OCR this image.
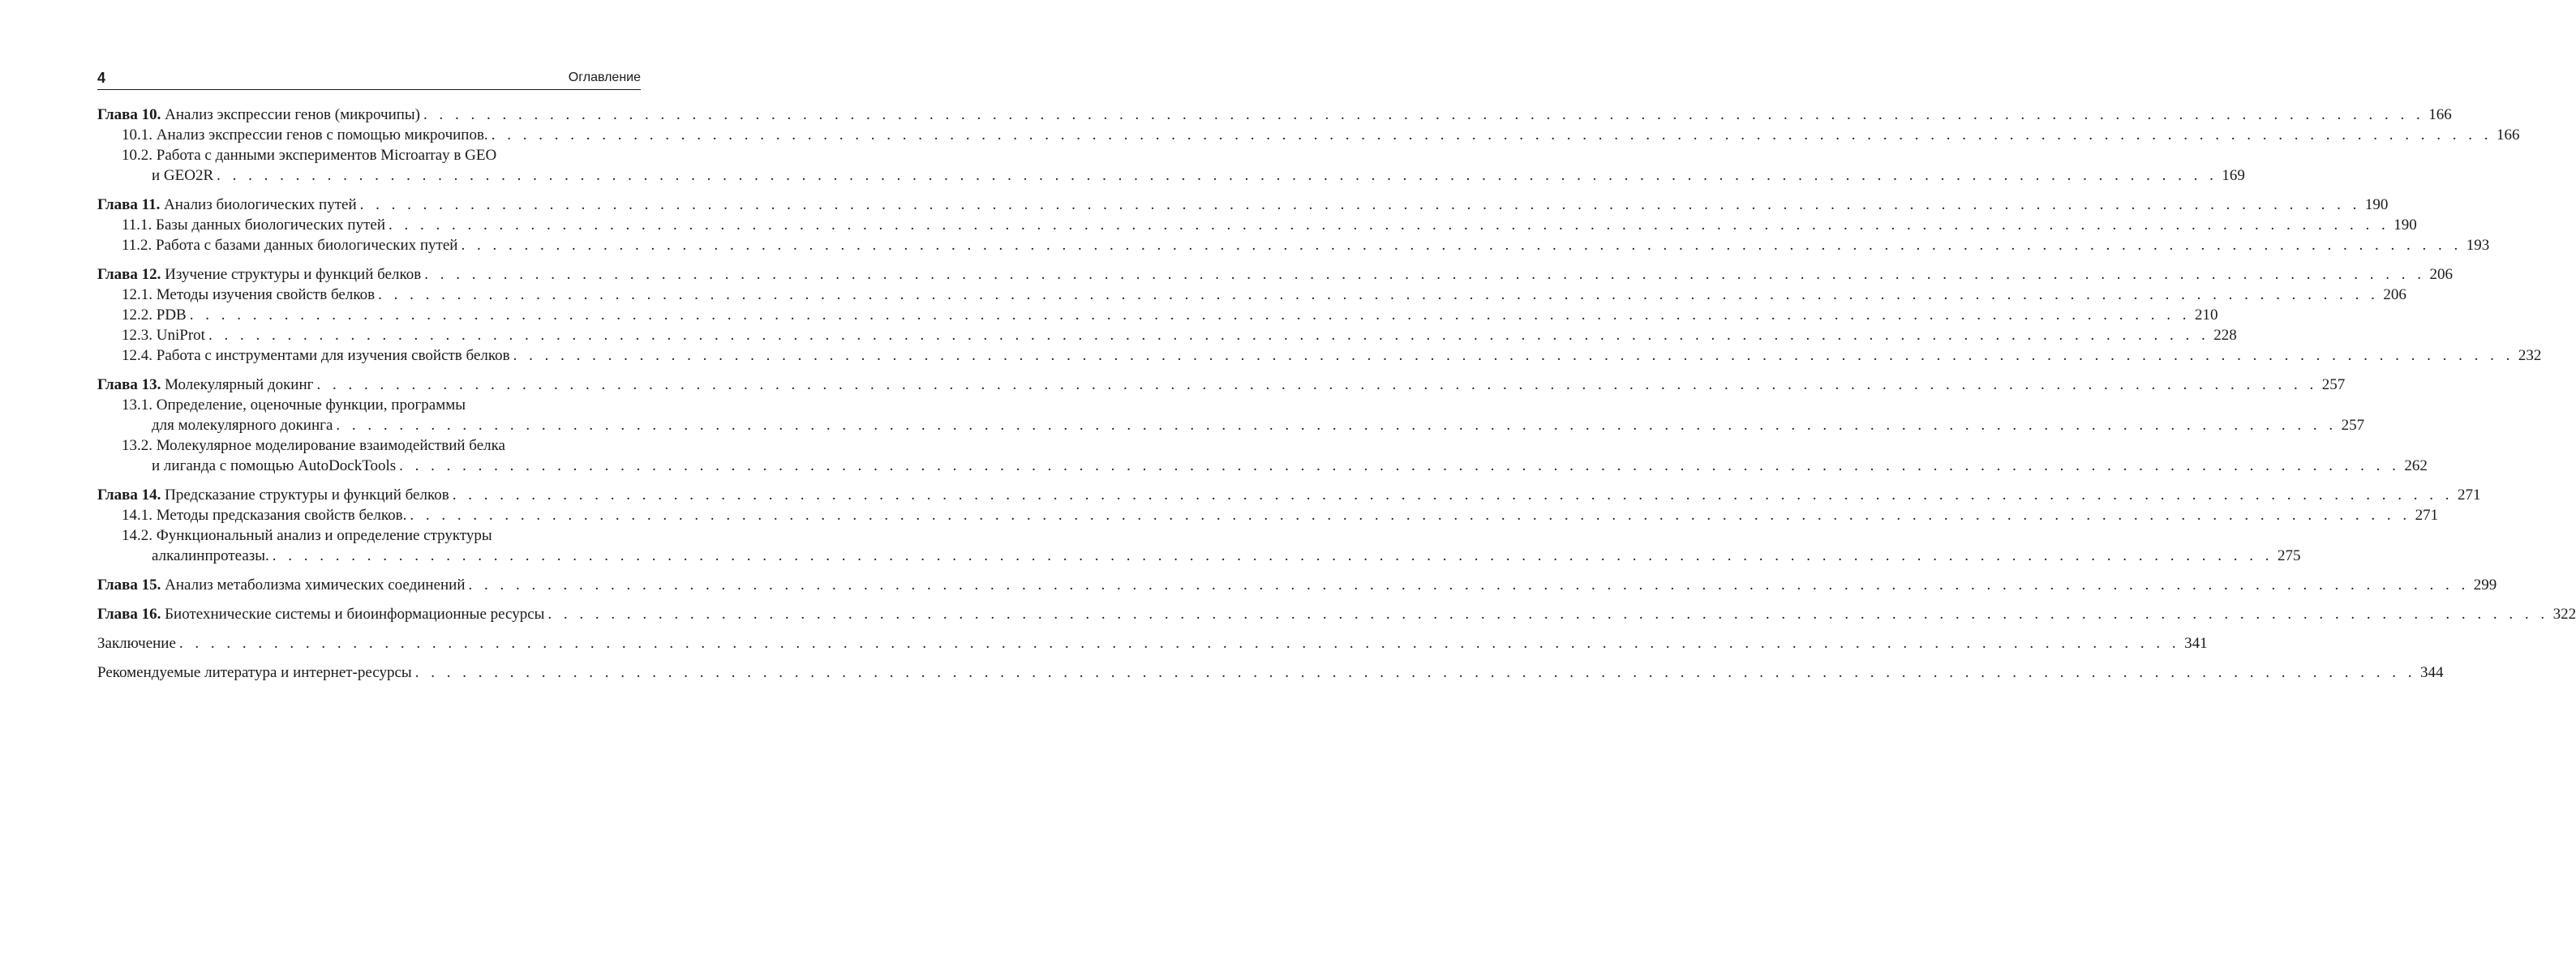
4	Оглавление
Глава 10. Анализ экспрессии генов (микрочипы) . . .	166
10.1. Анализ экспрессии генов с помощью микрочипов. . . .	166
10.2. Работа с данными экспериментов Microarray в GEO
и GEO2R . . .	169
Глава 11. Анализ биологических путей . . .	190
11.1. Базы данных биологических путей . . .	190
11.2. Работа с базами данных биологических путей . . .	193
Глава 12. Изучение структуры и функций белков . . .	206
12.1. Методы изучения свойств белков . . .	206
12.2. PDB . . .	210
12.3. UniProt . . .	228
12.4. Работа с инструментами для изучения свойств белков . . .	232
Глава 13. Молекулярный докинг . . .	257
13.1. Определение, оценочные функции, программы
для молекулярного докинга . . .	257
13.2. Молекулярное моделирование взаимодействий белка
и лиганда с помощью AutoDockTools . . .	262
Глава 14. Предсказание структуры и функций белков . . .	271
14.1. Методы предсказания свойств белков. . . .	271
14.2. Функциональный анализ и определение структуры
алкалинпротеазы. . . .	275
Глава 15. Анализ метаболизма химических соединений . . .	299
Глава 16. Биотехнические системы и биоинформационные ресурсы . . .	322
Заключение . . .	341
Рекомендуемые литература и интернет-ресурсы . . .	344
